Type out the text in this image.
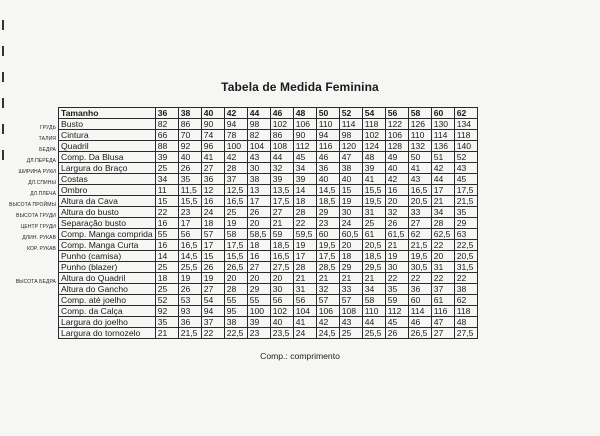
Tabela de Medida Feminina
ГРУДЬ
ТАЛИЯ
БЕДРА
ДЛ.ПЕРЕДА
ШИРИНА РУКИ
ДЛ.СПИНЫ
ДЛ.ПЛЕЧА
ВЫСОТА ПРОЙМЫ
ВЫСОТА ГРУДИ
ЦЕНТР ГРУДИ
ДЛИН. РУКАВ
КОР. РУКАВ
ВЫСОТА БЕДРА
Tamanho	36	38	40	42	44	46	48	50	52	54	56	58	60	62
Busto	82	86	90	94	98	102	106	110	114	118	122	126	130	134
Cintura	66	70	74	78	82	86	90	94	98	102	106	110	114	118
Quadril	88	92	96	100	104	108	112	116	120	124	128	132	136	140
Comp. Da Blusa	39	40	41	42	43	44	45	46	47	48	49	50	51	52
Largura do Braço	25	26	27	28	30	32	34	36	38	39	40	41	42	43
Costas	34	35	36	37	38	39	39	40	40	41	42	43	44	45
Ombro	11	11,5	12	12,5	13	13,5	14	14,5	15	15,5	16	16,5	17	17,5
Altura da Cava	15	15,5	16	16,5	17	17,5	18	18,5	19	19,5	20	20,5	21	21,5
Altura do busto	22	23	24	25	26	27	28	29	30	31	32	33	34	35
Separação busto	16	17	18	19	20	21	22	23	24	25	26	27	28	29
Comp. Manga comprida	55	56	57	58	58,5	59	59,5	60	60,5	61	61,5	62	62,5	63
Comp. Manga Curta	16	16,5	17	17,5	18	18,5	19	19,5	20	20,5	21	21,5	22	22,5
Punho (camisa)	14	14,5	15	15,5	16	16,5	17	17,5	18	18,5	19	19,5	20	20,5
Punho (blazer)	25	25,5	26	26,5	27	27,5	28	28,5	29	29,5	30	30,5	31	31,5
Altura do Quadril	18	19	19	20	20	20	21	21	21	21	22	22	22	22
Altura do Gancho	25	26	27	28	29	30	31	32	33	34	35	36	37	38
Comp. até joelho	52	53	54	55	55	56	56	57	57	58	59	60	61	62
Comp. da Calça	92	93	94	95	100	102	104	106	108	110	112	114	116	118
Largura do joelho	35	36	37	38	39	40	41	42	43	44	45	46	47	48
Largura do tornozelo	21	21,5	22	22,5	23	23,5	24	24,5	25	25,5	26	26,5	27	27,5
Comp.: comprimento
